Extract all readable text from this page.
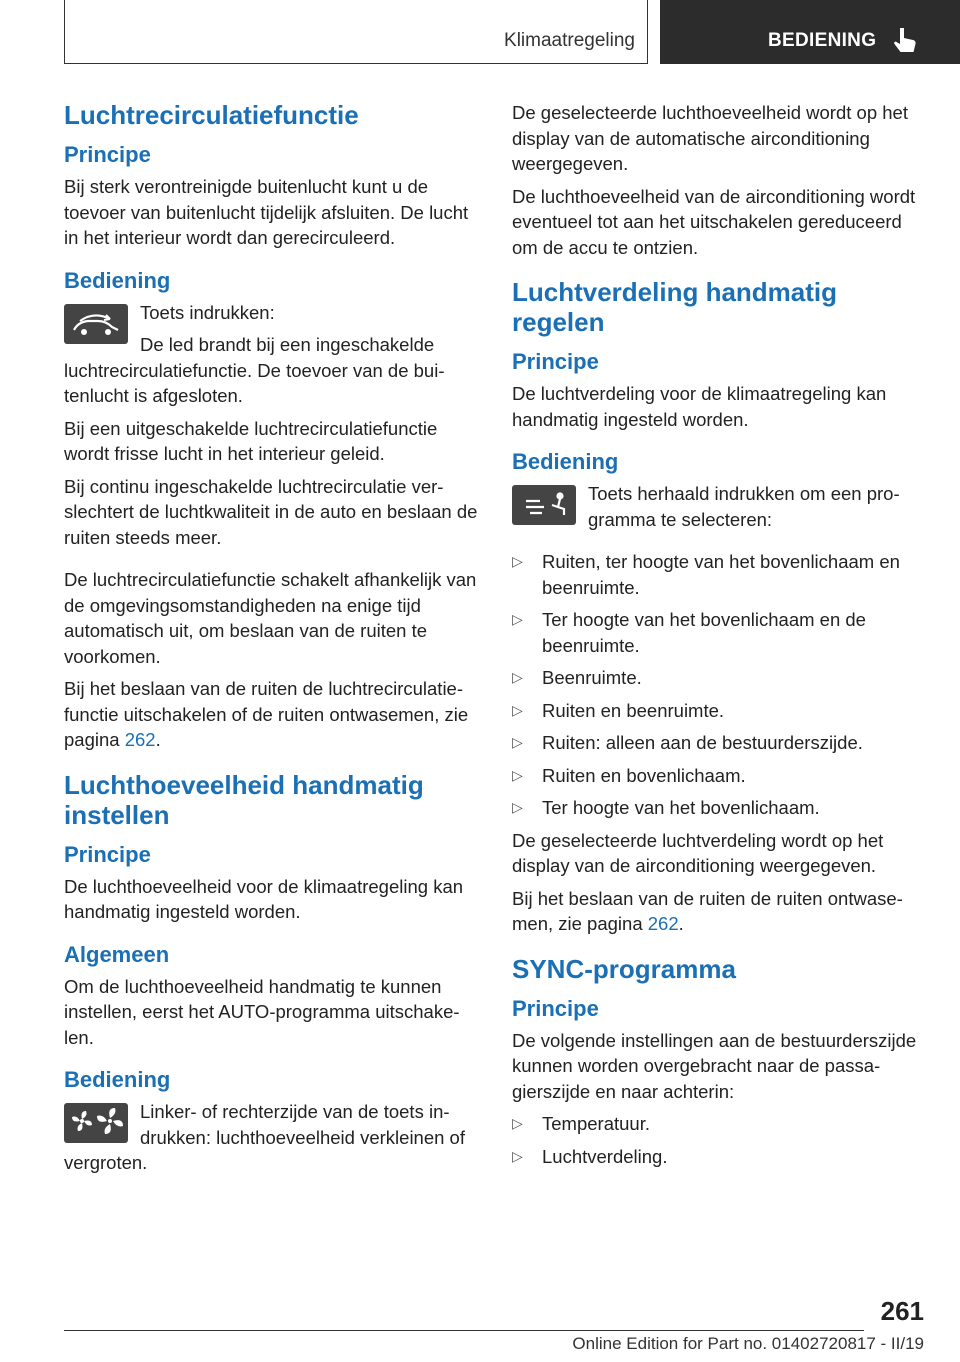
Klimaatregeling	BEDIENING
Luchtrecirculatiefunctie
Principe

Bij sterk verontreinigde buitenlucht kunt u de toevoer van buitenlucht tijdelijk afsluiten. De lucht in het interieur wordt dan gerecirculeerd.

Bediening

Toets indrukken:

De led brandt bij een ingeschakelde luchtrecirculatiefunctie. De toevoer van de buitenlucht is afgesloten.

Bij een uitgeschakelde luchtrecirculatiefunctie wordt frisse lucht in het interieur geleid.

Bij continu ingeschakelde luchtrecirculatie verslechtert de luchtkwaliteit in de auto en beslaan de ruiten steeds meer.

De luchtrecirculatiefunctie schakelt afhankelijk van de omgevingsomstandigheden na enige tijd automatisch uit, om beslaan van de ruiten te voorkomen.

Bij het beslaan van de ruiten de luchtrecirculatiefunctie uitschakelen of de ruiten ontwasemen, zie pagina 262.

Luchthoeveelheid handmatig instellen
Principe

De luchthoeveelheid voor de klimaatregeling kan handmatig ingesteld worden.

Algemeen

Om de luchthoeveelheid handmatig te kunnen instellen, eerst het AUTO-programma uitschakelen.

Bediening

Linker- of rechterzijde van de toets indrukken: luchthoeveelheid verkleinen of vergroten.

De geselecteerde luchthoeveelheid wordt op het display van de automatische airconditioning weergegeven.

De luchthoeveelheid van de airconditioning wordt eventueel tot aan het uitschakelen gereduceerd om de accu te ontzien.

Luchtverdeling handmatig regelen
Principe

De luchtverdeling voor de klimaatregeling kan handmatig ingesteld worden.

Bediening

Toets herhaald indrukken om een programma te selecteren:

▷ Ruiten, ter hoogte van het bovenlichaam en beenruimte.
▷ Ter hoogte van het bovenlichaam en de beenruimte.
▷ Beenruimte.
▷ Ruiten en beenruimte.
▷ Ruiten: alleen aan de bestuurderszijde.
▷ Ruiten en bovenlichaam.
▷ Ter hoogte van het bovenlichaam.

De geselecteerde luchtverdeling wordt op het display van de airconditioning weergegeven.

Bij het beslaan van de ruiten de ruiten ontwasemen, zie pagina 262.

SYNC-programma
Principe

De volgende instellingen aan de bestuurderszijde kunnen worden overgebracht naar de passagierszijde en naar achterin:

▷ Temperatuur.
▷ Luchtverdeling.
261
Online Edition for Part no. 01402720817 - II/19
